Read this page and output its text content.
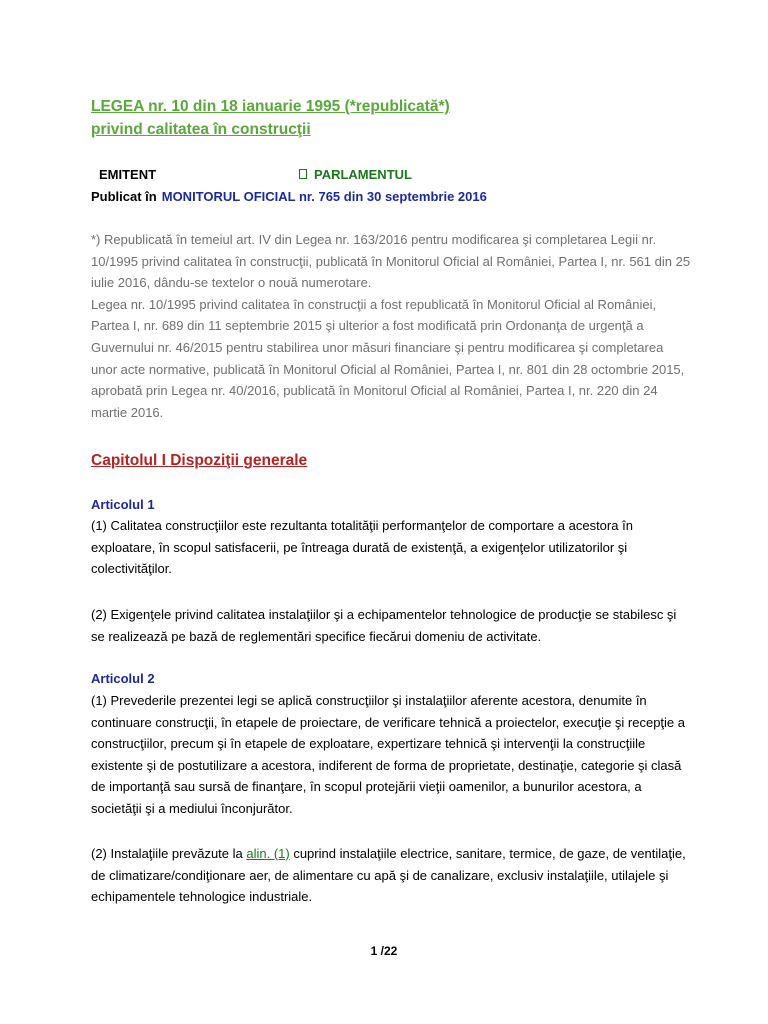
LEGEA nr. 10 din 18 ianuarie 1995 (*republicată*)
privind calitatea în construcţii
EMITENT	PARLAMENTUL
Publicat în MONITORUL OFICIAL nr. 765 din 30 septembrie 2016

*) Republicată în temeiul art. IV din Legea nr. 163/2016 pentru modificarea şi completarea Legii nr. 10/1995 privind calitatea în construcţii, publicată în Monitorul Oficial al României, Partea I, nr. 561 din 25 iulie 2016, dându-se textelor o nouă numerotare.

Legea nr. 10/1995 privind calitatea în construcţii a fost republicată în Monitorul Oficial al României, Partea I, nr. 689 din 11 septembrie 2015 şi ulterior a fost modificată prin Ordonanţa de urgenţă a Guvernului nr. 46/2015 pentru stabilirea unor măsuri financiare şi pentru modificarea şi completarea unor acte normative, publicată în Monitorul Oficial al României, Partea I, nr. 801 din 28 octombrie 2015, aprobată prin Legea nr. 40/2016, publicată în Monitorul Oficial al României, Partea I, nr. 220 din 24 martie 2016.

Capitolul I Dispoziţii generale
Articolul 1

(1) Calitatea construcţiilor este rezultanta totalităţii performanţelor de comportare a acestora în exploatare, în scopul satisfacerii, pe întreaga durată de existenţă, a exigenţelor utilizatorilor şi colectivităţilor.

(2) Exigenţele privind calitatea instalaţiilor şi a echipamentelor tehnologice de producţie se stabilesc şi se realizează pe bază de reglementări specifice fiecărui domeniu de activitate.

Articolul 2

(1) Prevederile prezentei legi se aplică construcţiilor şi instalaţiilor aferente acestora, denumite în continuare construcţii, în etapele de proiectare, de verificare tehnică a proiectelor, execuţie şi recepţie a construcţiilor, precum şi în etapele de exploatare, expertizare tehnică şi intervenţii la construcţiile existente şi de postutilizare a acestora, indiferent de forma de proprietate, destinaţie, categorie şi clasă de importanţă sau sursă de finanţare, în scopul protejării vieţii oamenilor, a bunurilor acestora, a societăţii şi a mediului înconjurător.

(2) Instalaţiile prevăzute la alin. (1) cuprind instalaţiile electrice, sanitare, termice, de gaze, de ventilaţie, de climatizare/condiţionare aer, de alimentare cu apă şi de canalizare, exclusiv instalaţiile, utilajele şi echipamentele tehnologice industriale.

1 /22
